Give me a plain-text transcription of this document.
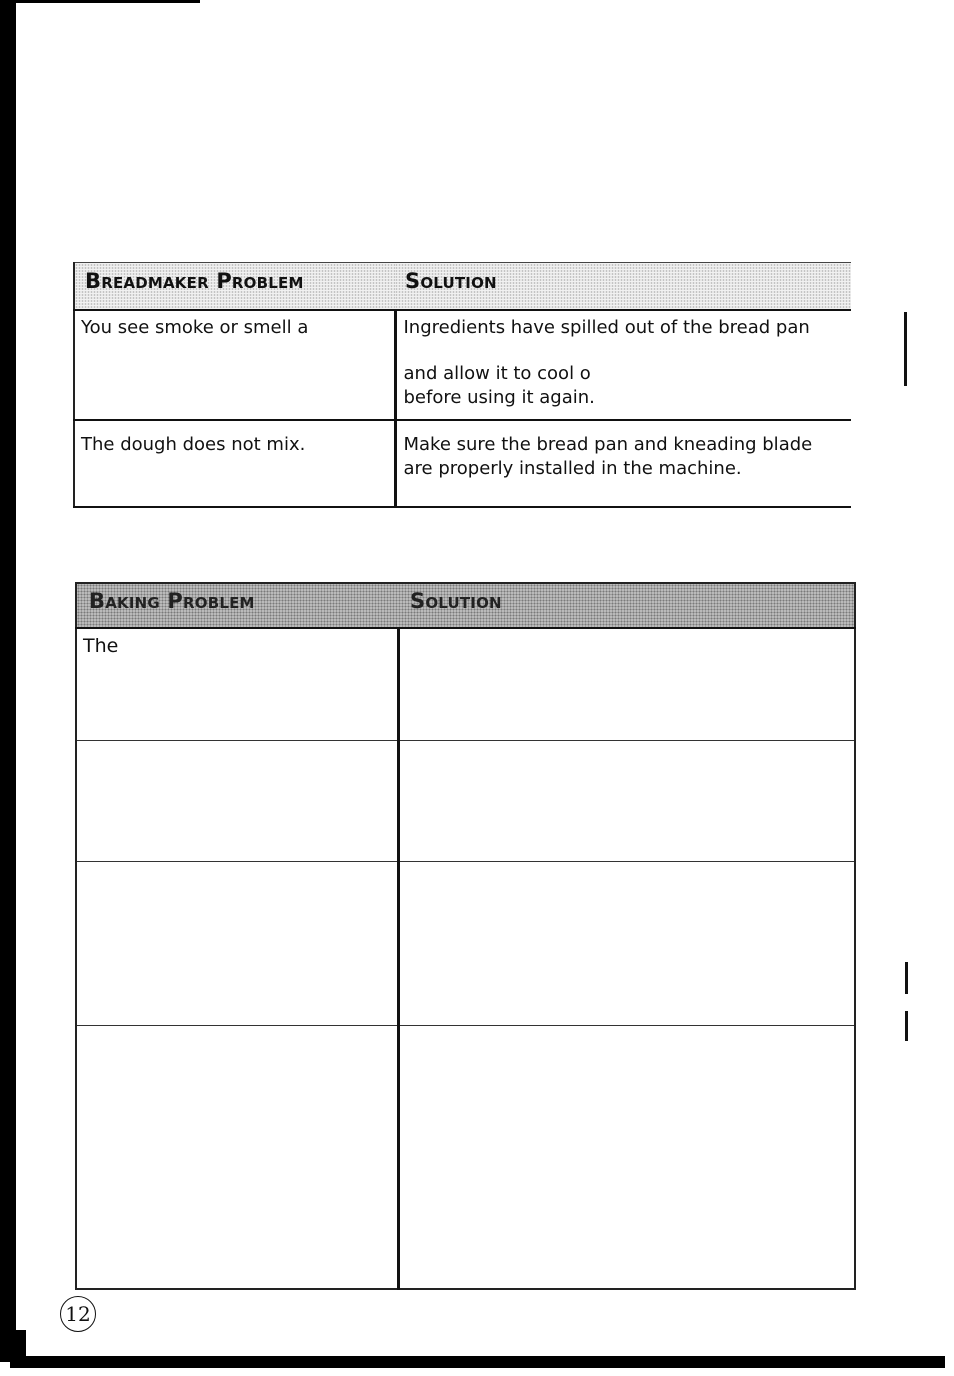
Breadmaker Problem	Solution
You see smoke or smell a	Ingredients have spilled out of the bread pan

and allow it to cool o
before using it again.
The dough does not mix.	Make sure the bread pan and kneading blade
are properly installed in the machine.
Baking Problem	Solution
The	

12
